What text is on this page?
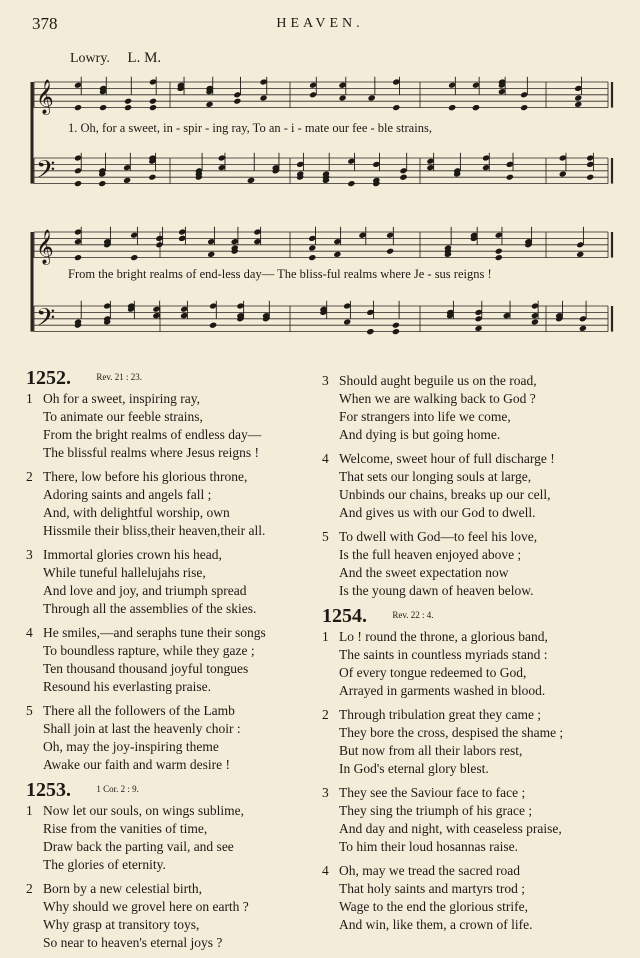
378	HEAVEN.
Lowry. L. M.
𝄞
𝄢
𝄞
𝄢
1. Oh, for a sweet, in - spir - ing ray, To an - i - mate our fee - ble strains,
From the bright realms of end-less day— The bliss-ful realms where Je - sus reigns !
1252.	$^{Rev. 21 : 23.}$
1 Oh for a sweet, inspiring ray,
To animate our feeble strains,
From the bright realms of endless day—
The blissful realms where Jesus reigns !
2 There, low before his glorious throne,
Adoring saints and angels fall ;
And, with delightful worship, own
Hissmile their bliss,their heaven,their all.
3 Immortal glories crown his head,
While tuneful hallelujahs rise,
And love and joy, and triumph spread
Through all the assemblies of the skies.
4 He smiles,—and seraphs tune their songs
To boundless rapture, while they gaze ;
Ten thousand thousand joyful tongues
Resound his everlasting praise.
5 There all the followers of the Lamb
Shall join at last the heavenly choir :
Oh, may the joy-inspiring theme
Awake our faith and warm desire !
1253.	$^{1 Cor. 2 : 9.}$
1 Now let our souls, on wings sublime,
Rise from the vanities of time,
Draw back the parting vail, and see
The glories of eternity.
2 Born by a new celestial birth,
Why should we grovel here on earth ?
Why grasp at transitory toys,
So near to heaven's eternal joys ?
3 Should aught beguile us on the road,
When we are walking back to God ?
For strangers into life we come,
And dying is but going home.
4 Welcome, sweet hour of full discharge !
That sets our longing souls at large,
Unbinds our chains, breaks up our cell,
And gives us with our God to dwell.
5 To dwell with God—to feel his love,
Is the full heaven enjoyed above ;
And the sweet expectation now
Is the young dawn of heaven below.
1254.	$^{Rev. 22 : 4.}$
1 Lo ! round the throne, a glorious band,
The saints in countless myriads stand :
Of every tongue redeemed to God,
Arrayed in garments washed in blood.
2 Through tribulation great they came ;
They bore the cross, despised the shame ;
But now from all their labors rest,
In God's eternal glory blest.
3 They see the Saviour face to face ;
They sing the triumph of his grace ;
And day and night, with ceaseless praise,
To him their loud hosannas raise.
4 Oh, may we tread the sacred road
That holy saints and martyrs trod ;
Wage to the end the glorious strife,
And win, like them, a crown of life.
